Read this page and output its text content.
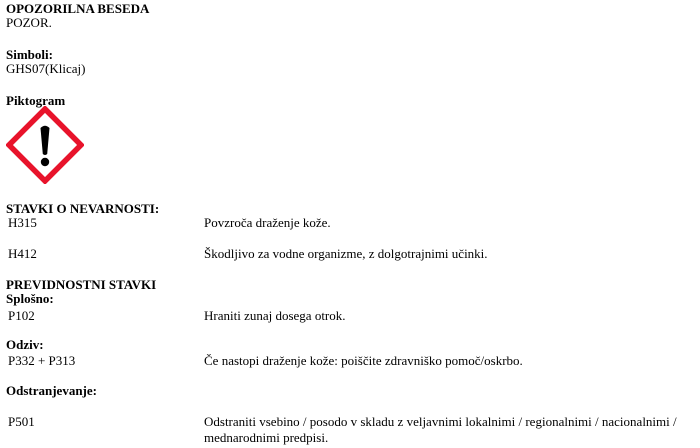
OPOZORILNA BESEDA
POZOR.
Simboli:
GHS07(Klicaj)
Piktogram
STAVKI O NEVARNOSTI:
H315	Povzroča draženje kože.
H412	Škodljivo za vodne organizme, z dolgotrajnimi učinki.
PREVIDNOSTNI STAVKI
Splošno:
P102	Hraniti zunaj dosega otrok.
Odziv:
P332 + P313	Če nastopi draženje kože: poiščite zdravniško pomoč/oskrbo.
Odstranjevanje:
P501	Odstraniti vsebino / posodo v skladu z veljavnimi lokalnimi / regionalnimi / nacionalnimi /
mednarodnimi predpisi.
